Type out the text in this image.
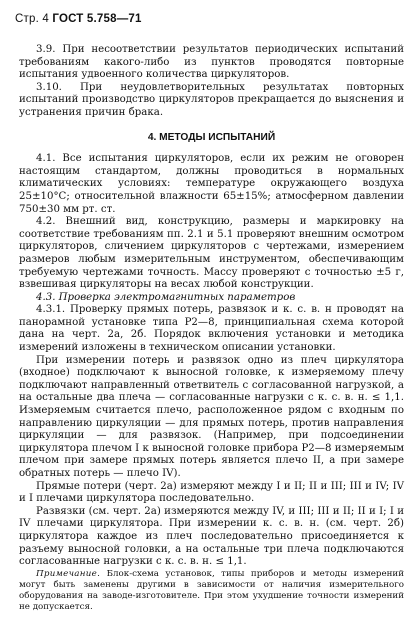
Стр. 4 ГОСТ 5.758—71

3.9. При несоответствии результатов периодических испытаний требованиям какого-либо из пунктов проводятся повторные испытания удвоенного количества циркуляторов.

3.10. При неудовлетворительных результатах повторных испытаний производство циркуляторов прекращается до выяснения и устранения причин брака.

4. МЕТОДЫ ИСПЫТАНИЙ

4.1. Все испытания циркуляторов, если их режим не оговорен настоящим стандартом, должны проводиться в нормальных климатических условиях: температуре окружающего воздуха 25±10°С; относительной влажности 65±15%; атмосферном давлении 750±30 мм рт. ст.

4.2. Внешний вид, конструкцию, размеры и маркировку на соответствие требованиям пп. 2.1 и 5.1 проверяют внешним осмотром циркуляторов, сличением циркуляторов с чертежами, измерением размеров любым измерительным инструментом, обеспечивающим требуемую чертежами точность. Массу проверяют с точностью ±5 г, взвешивая циркуляторы на весах любой конструкции.

4.3. Проверка электромагнитных параметров

4.3.1. Проверку прямых потерь, развязок и к. с. в. н проводят на панорамной установке типа Р2—8, принципиальная схема которой дана на черт. 2а, 2б. Порядок включения установки и методика измерений изложены в техническом описании установки.

При измерении потерь и развязок одно из плеч циркулятора (входное) подключают к выносной головке, к измеряемому плечу подключают направленный ответвитель с согласованной нагрузкой, а на остальные два плеча — согласованные нагрузки с к. с. в. н. ≤ 1,1. Измеряемым считается плечо, расположенное рядом с входным по направлению циркуляции — для прямых потерь, против направления циркуляции — для развязок. (Например, при подсоединении циркулятора плечом I к выносной головке прибора Р2—8 измеряемым плечом при замере прямых потерь является плечо II, а при замере обратных потерь — плечо IV).

Прямые потери (черт. 2а) измеряют между I и II; II и III; III и IV; IV и I плечами циркулятора последовательно.

Развязки (см. черт. 2а) измеряются между IV, и III; III и II; II и I; I и IV плечами циркулятора. При измерении к. с. в. н. (см. черт. 2б) циркулятора каждое из плеч последовательно присоединяется к разъему выносной головки, а на остальные три плеча подключаются согласованные нагрузки с к. с. в. н. ≤ 1,1.

Примечание. Блок-схема установок, типы приборов и методы измерений могут быть заменены другими в зависимости от наличия измерительного оборудования на заводе-изготовителе. При этом ухудшение точности измерений не допускается.
